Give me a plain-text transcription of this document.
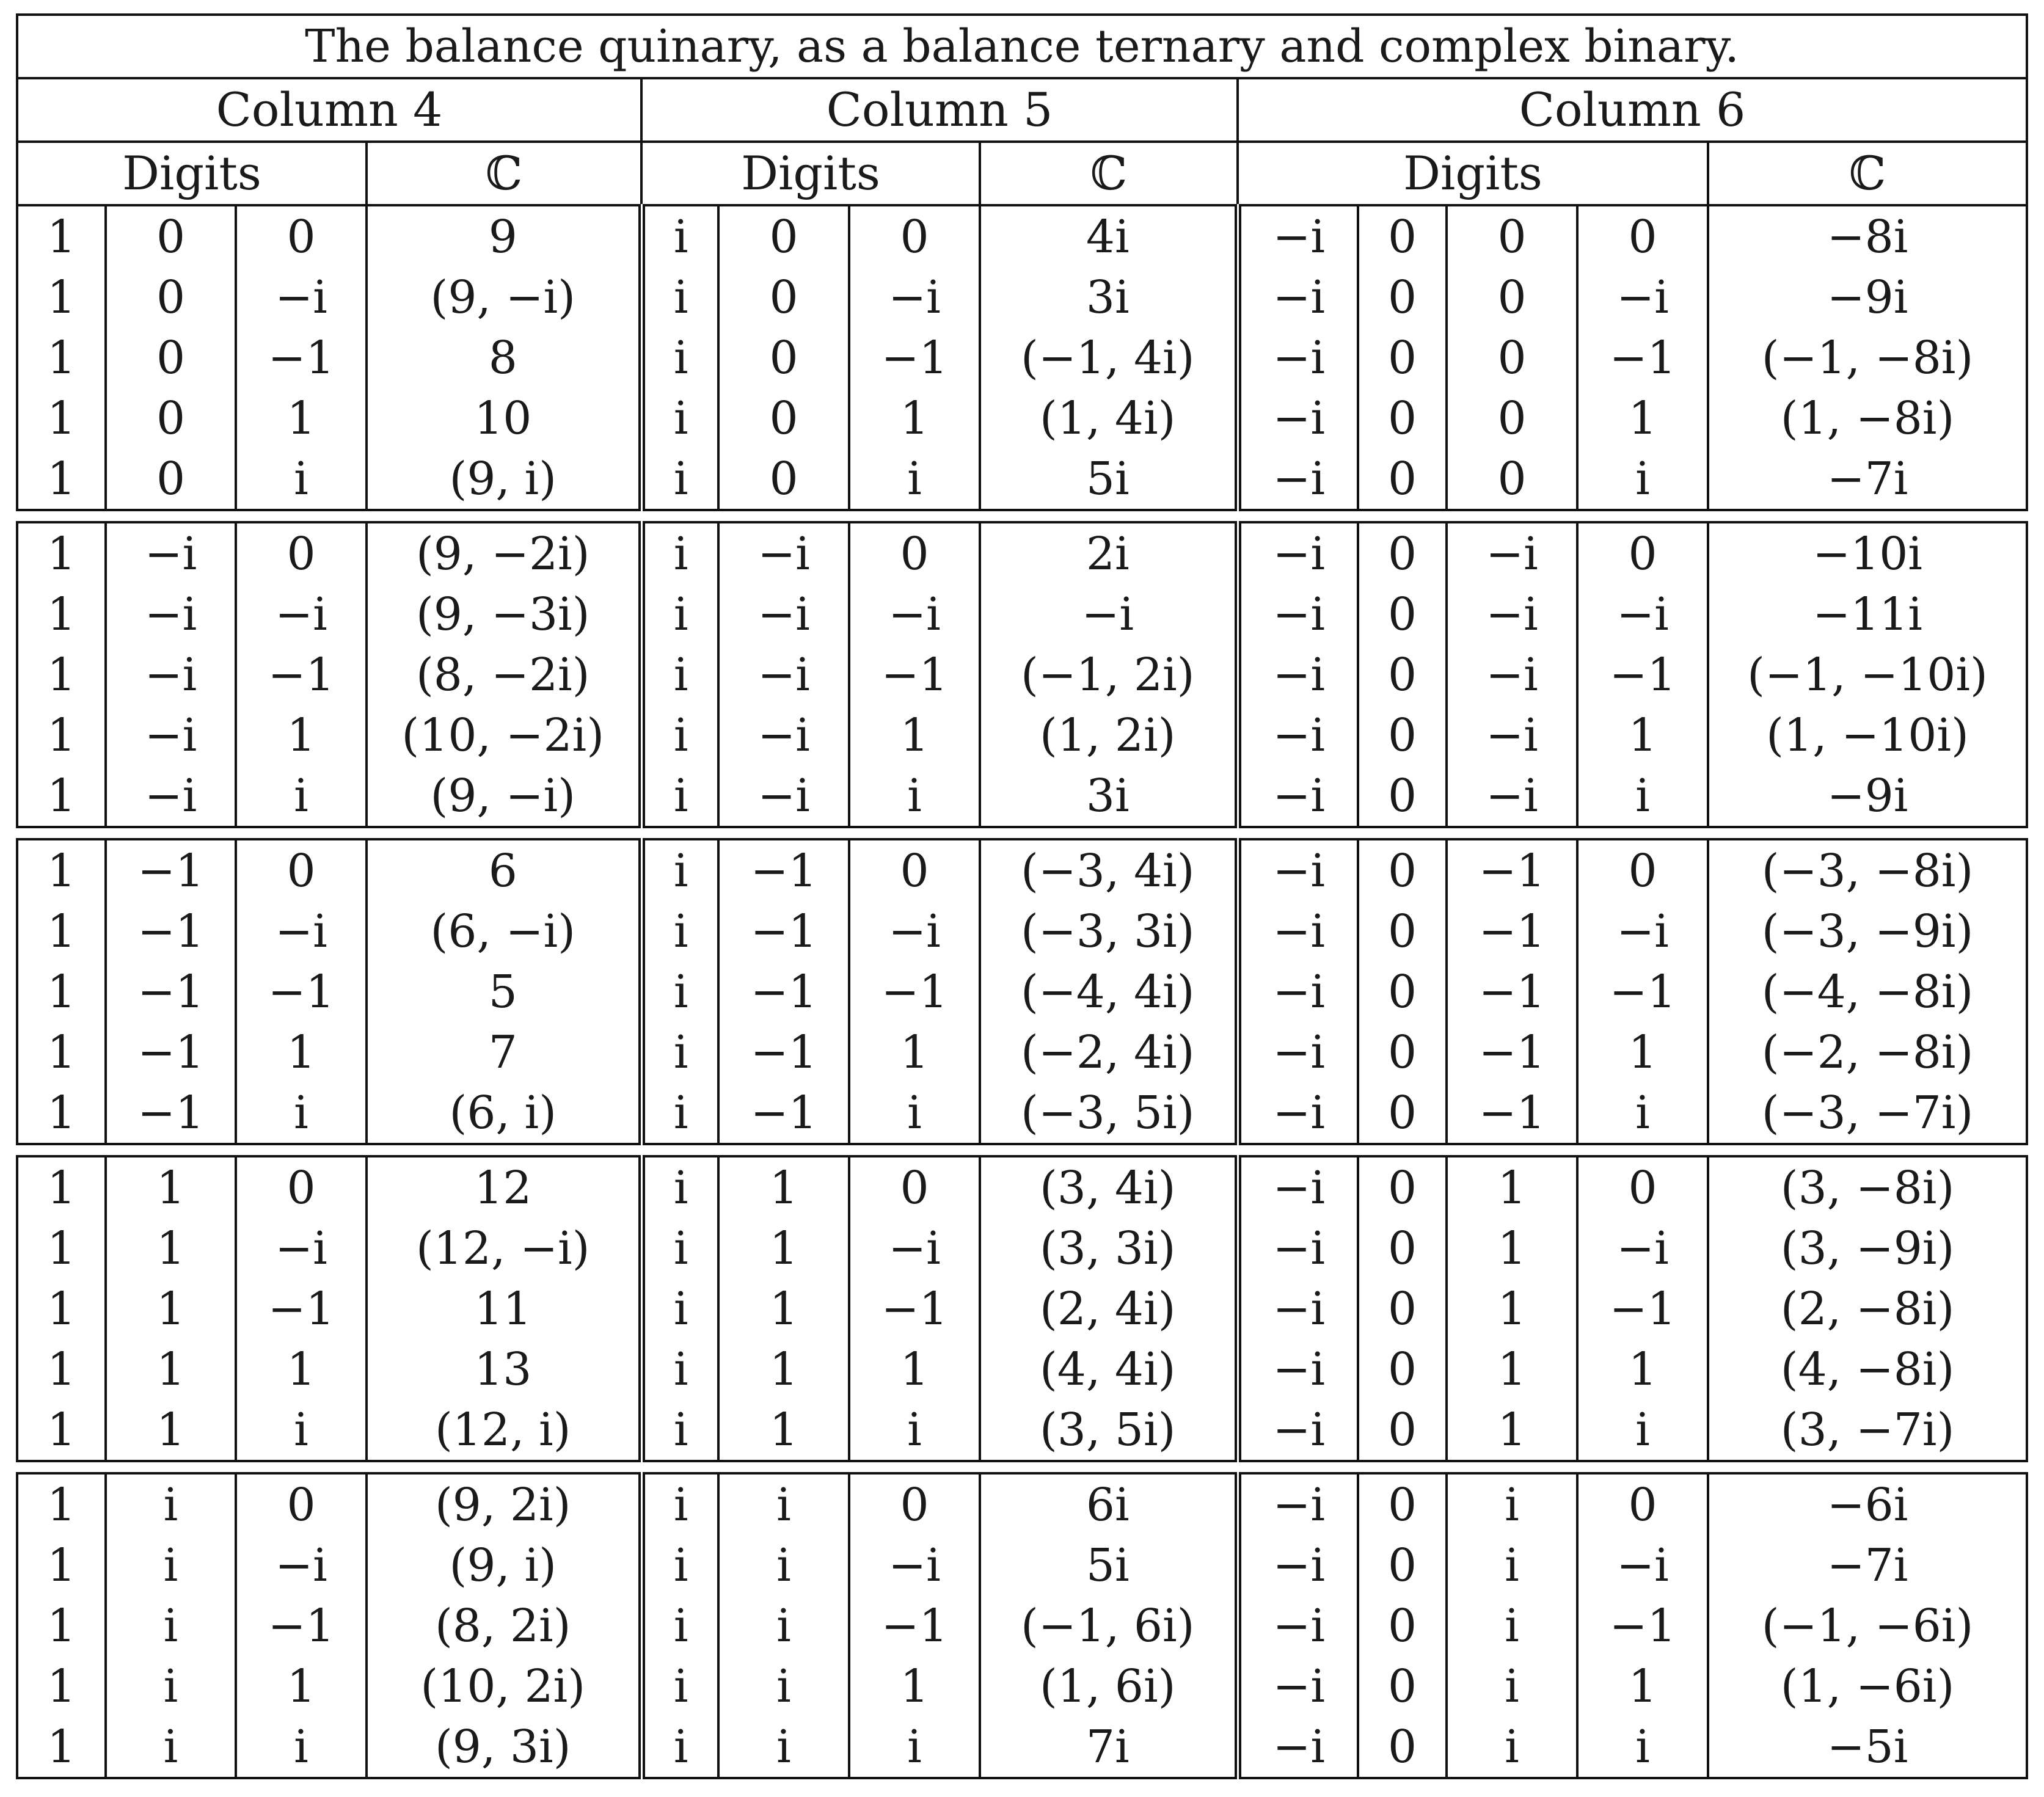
The balance quinary, as a balance ternary and complex binary.												
Column 4				Column 5				Column 6				
Digits			ℂ	Digits			ℂ	Digits				ℂ
1	0	0	9	i	0	0	4i	−i	0	0	0	−8i
1	0	−i	(9, −i)	i	0	−i	3i	−i	0	0	−i	−9i
1	0	−1	8	i	0	−1	(−1, 4i)	−i	0	0	−1	(−1, −8i)
1	0	1	10	i	0	1	(1, 4i)	−i	0	0	1	(1, −8i)
1	0	i	(9, i)	i	0	i	5i	−i	0	0	i	−7i

1	−i	0	(9, −2i)	i	−i	0	2i	−i	0	−i	0	−10i
1	−i	−i	(9, −3i)	i	−i	−i	−i	−i	0	−i	−i	−11i
1	−i	−1	(8, −2i)	i	−i	−1	(−1, 2i)	−i	0	−i	−1	(−1, −10i)
1	−i	1	(10, −2i)	i	−i	1	(1, 2i)	−i	0	−i	1	(1, −10i)
1	−i	i	(9, −i)	i	−i	i	3i	−i	0	−i	i	−9i

1	−1	0	6	i	−1	0	(−3, 4i)	−i	0	−1	0	(−3, −8i)
1	−1	−i	(6, −i)	i	−1	−i	(−3, 3i)	−i	0	−1	−i	(−3, −9i)
1	−1	−1	5	i	−1	−1	(−4, 4i)	−i	0	−1	−1	(−4, −8i)
1	−1	1	7	i	−1	1	(−2, 4i)	−i	0	−1	1	(−2, −8i)
1	−1	i	(6, i)	i	−1	i	(−3, 5i)	−i	0	−1	i	(−3, −7i)

1	1	0	12	i	1	0	(3, 4i)	−i	0	1	0	(3, −8i)
1	1	−i	(12, −i)	i	1	−i	(3, 3i)	−i	0	1	−i	(3, −9i)
1	1	−1	11	i	1	−1	(2, 4i)	−i	0	1	−1	(2, −8i)
1	1	1	13	i	1	1	(4, 4i)	−i	0	1	1	(4, −8i)
1	1	i	(12, i)	i	1	i	(3, 5i)	−i	0	1	i	(3, −7i)

1	i	0	(9, 2i)	i	i	0	6i	−i	0	i	0	−6i
1	i	−i	(9, i)	i	i	−i	5i	−i	0	i	−i	−7i
1	i	−1	(8, 2i)	i	i	−1	(−1, 6i)	−i	0	i	−1	(−1, −6i)
1	i	1	(10, 2i)	i	i	1	(1, 6i)	−i	0	i	1	(1, −6i)
1	i	i	(9, 3i)	i	i	i	7i	−i	0	i	i	−5i
